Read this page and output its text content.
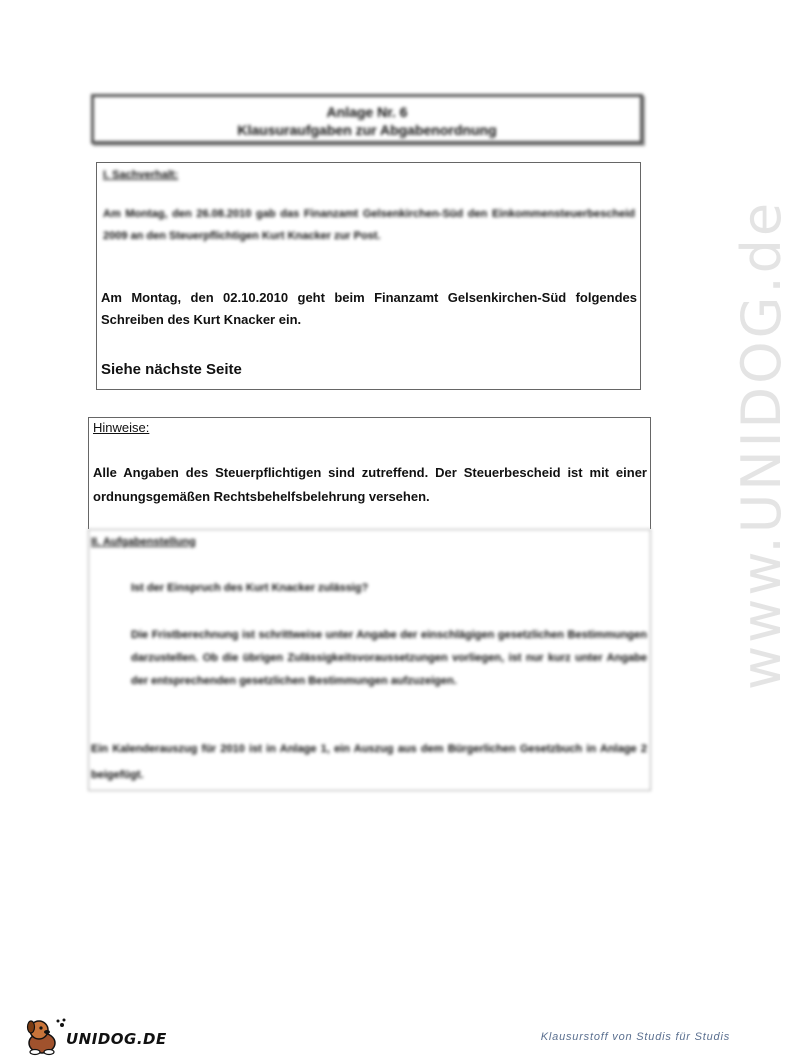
www.UNIDOG.de
Anlage Nr. 6
Klausuraufgaben zur Abgabenordnung
I. Sachverhalt:
Am Montag, den 26.08.2010 gab das Finanzamt Gelsenkirchen-Süd den Einkommensteuerbescheid 2009 an den Steuerpflichtigen Kurt Knacker zur Post.
Am Montag, den 02.10.2010 geht beim Finanzamt Gelsenkirchen-Süd folgendes Schreiben des Kurt Knacker ein.
Siehe nächste Seite
Hinweise:
Alle Angaben des Steuerpflichtigen sind zutreffend. Der Steuerbescheid ist mit einer ordnungsgemäßen Rechtsbehelfsbelehrung versehen.
II. Aufgabenstellung
Ist der Einspruch des Kurt Knacker zulässig?
Die Fristberechnung ist schrittweise unter Angabe der einschlägigen gesetzlichen Bestimmungen darzustellen. Ob die übrigen Zulässigkeitsvoraussetzungen vorliegen, ist nur kurz unter Angabe der entsprechenden gesetzlichen Bestimmungen aufzuzeigen.
Ein Kalenderauszug für 2010 ist in Anlage 1, ein Auszug aus dem Bürgerlichen Gesetzbuch in Anlage 2 beigefügt.
UNIDOG.DE	Klausurstoff von Studis für Studis
